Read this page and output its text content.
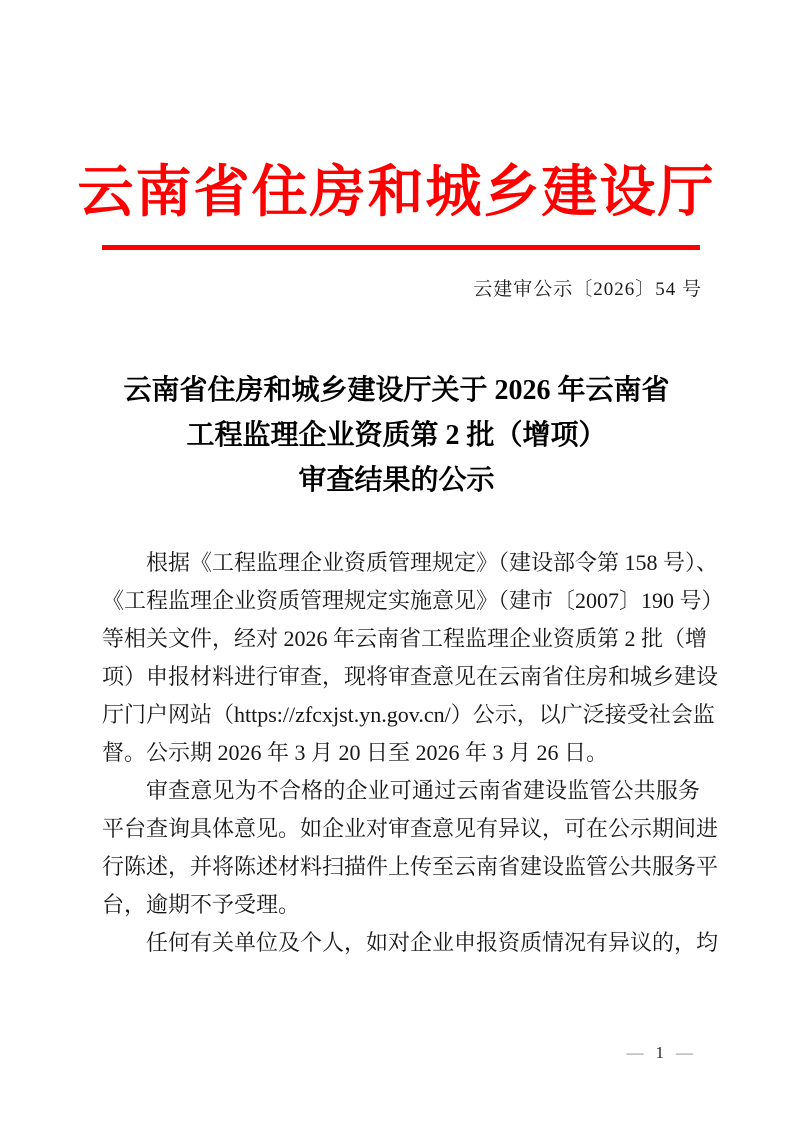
云南省住房和城乡建设厅
云建审公示〔2026〕54 号
云南省住房和城乡建设厅关于 2026 年云南省
工程监理企业资质第 2 批（增项）
审查结果的公示
根据《工程监理企业资质管理规定》（建设部令第 158 号）、
《工程监理企业资质管理规定实施意见》（建市〔2007〕190 号）
等相关文件，经对 2026 年云南省工程监理企业资质第 2 批（增
项）申报材料进行审查，现将审查意见在云南省住房和城乡建设
厅门户网站（https://zfcxjst.yn.gov.cn/）公示，以广泛接受社会监
督。公示期 2026 年 3 月 20 日至 2026 年 3 月 26 日。
审查意见为不合格的企业可通过云南省建设监管公共服务
平台查询具体意见。如企业对审查意见有异议，可在公示期间进
行陈述，并将陈述材料扫描件上传至云南省建设监管公共服务平
台，逾期不予受理。
任何有关单位及个人，如对企业申报资质情况有异议的，均
— 1 —
